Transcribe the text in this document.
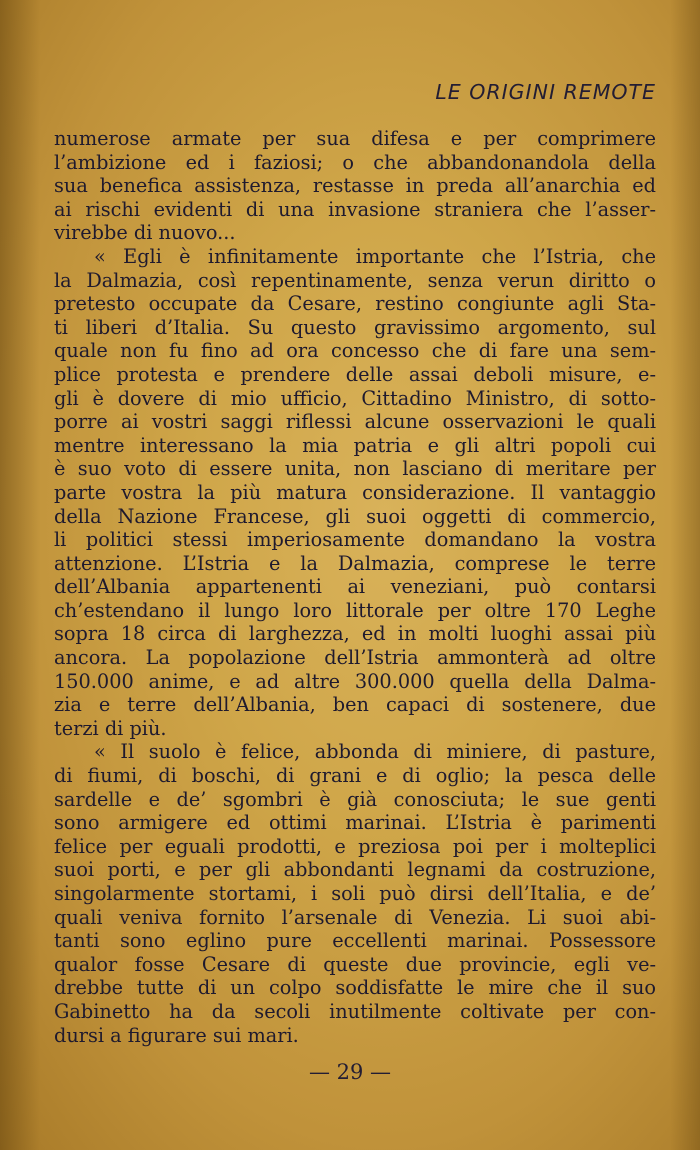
LE ORIGINI REMOTE
numerose armate per sua difesa e per comprimere
l’ambizione ed i faziosi; o che abbandonandola della
sua benefica assistenza, restasse in preda all’anarchia ed
ai rischi evidenti di una invasione straniera che l’asser-
virebbe di nuovo...
« Egli è infinitamente importante che l’Istria, che
la Dalmazia, così repentinamente, senza verun diritto o
pretesto occupate da Cesare, restino congiunte agli Sta-
ti liberi d’Italia. Su questo gravissimo argomento, sul
quale non fu fino ad ora concesso che di fare una sem-
plice protesta e prendere delle assai deboli misure, e-
gli è dovere di mio ufficio, Cittadino Ministro, di sotto-
porre ai vostri saggi riflessi alcune osservazioni le quali
mentre interessano la mia patria e gli altri popoli cui
è suo voto di essere unita, non lasciano di meritare per
parte vostra la più matura considerazione. Il vantaggio
della Nazione Francese, gli suoi oggetti di commercio,
li politici stessi imperiosamente domandano la vostra
attenzione. L’Istria e la Dalmazia, comprese le terre
dell’Albania appartenenti ai veneziani, può contarsi
ch’estendano il lungo loro littorale per oltre 170 Leghe
sopra 18 circa di larghezza, ed in molti luoghi assai più
ancora. La popolazione dell’Istria ammonterà ad oltre
150.000 anime, e ad altre 300.000 quella della Dalma-
zia e terre dell’Albania, ben capaci di sostenere, due
terzi di più.
« Il suolo è felice, abbonda di miniere, di pasture,
di fiumi, di boschi, di grani e di oglio; la pesca delle
sardelle e de’ sgombri è già conosciuta; le sue genti
sono armigere ed ottimi marinai. L’Istria è parimenti
felice per eguali prodotti, e preziosa poi per i molteplici
suoi porti, e per gli abbondanti legnami da costruzione,
singolarmente stortami, i soli può dirsi dell’Italia, e de’
quali veniva fornito l’arsenale di Venezia. Li suoi abi-
tanti sono eglino pure eccellenti marinai. Possessore
qualor fosse Cesare di queste due provincie, egli ve-
drebbe tutte di un colpo soddisfatte le mire che il suo
Gabinetto ha da secoli inutilmente coltivate per con-
dursi a figurare sui mari.
— 29 —
